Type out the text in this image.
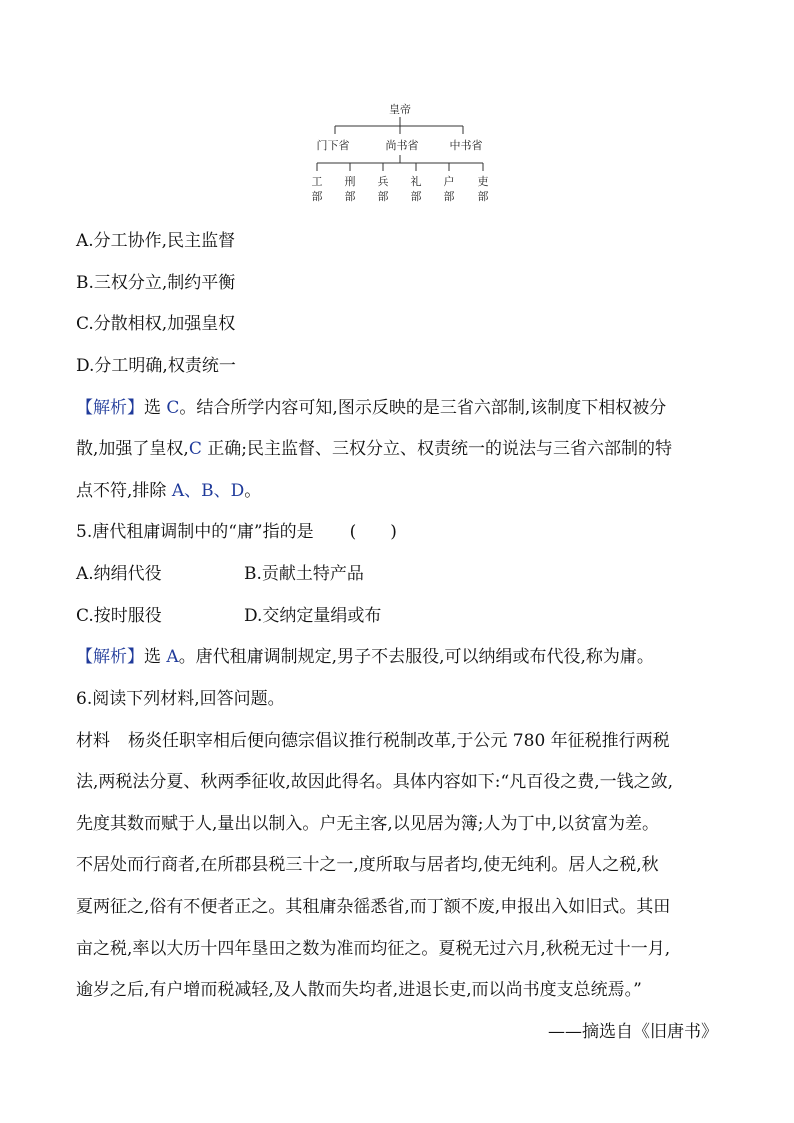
皇帝
门下省	尚书省	中书省
工
部
刑
部
兵
部
礼
部
户
部
吏
部
A.分工协作,民主监督
B.三权分立,制约平衡
C.分散相权,加强皇权
D.分工明确,权责统一
【解析】选 C。结合所学内容可知,图示反映的是三省六部制,该制度下相权被分
散,加强了皇权,C 正确;民主监督、三权分立、权责统一的说法与三省六部制的特
点不符,排除 A、B、D。
5.唐代租庸调制中的“庸”指的是 (　　)
A.纳绢代役	B.贡献土特产品
C.按时服役	D.交纳定量绢或布
【解析】选 A。唐代租庸调制规定,男子不去服役,可以纳绢或布代役,称为庸。
6.阅读下列材料,回答问题。
材料 杨炎任职宰相后便向德宗倡议推行税制改革,于公元 780 年征税推行两税
法,两税法分夏、秋两季征收,故因此得名。具体内容如下:“凡百役之费,一钱之敛,
先度其数而赋于人,量出以制入。户无主客,以见居为簿;人为丁中,以贫富为差。
不居处而行商者,在所郡县税三十之一,度所取与居者均,使无纯利。居人之税,秋
夏两征之,俗有不便者正之。其租庸杂徭悉省,而丁额不废,申报出入如旧式。其田
亩之税,率以大历十四年垦田之数为准而均征之。夏税无过六月,秋税无过十一月,
逾岁之后,有户增而税减轻,及人散而失均者,进退长吏,而以尚书度支总统焉。”
——摘选自《旧唐书》
